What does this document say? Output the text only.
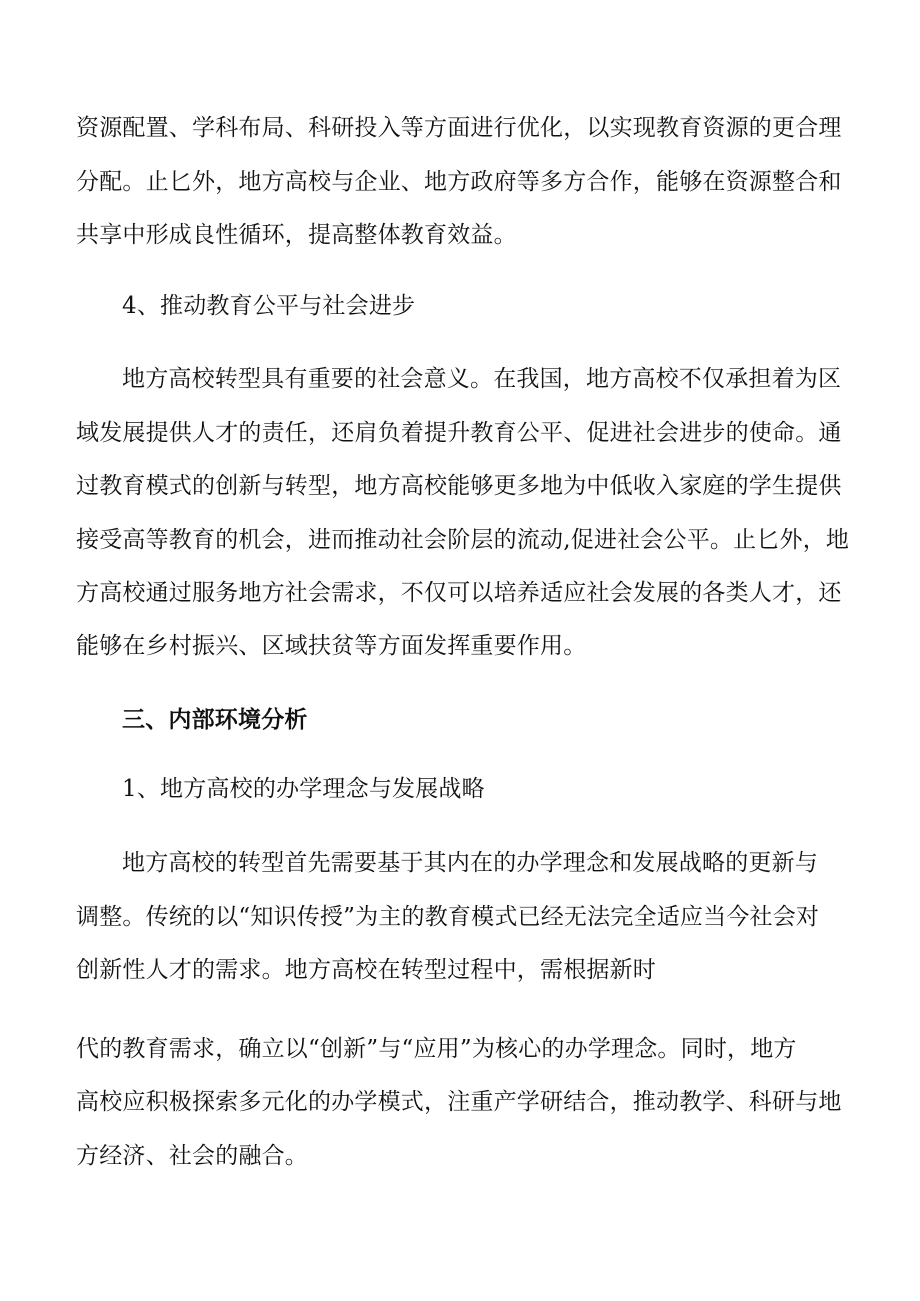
资源配置、学科布局、科研投入等方面进行优化，以实现教育资源的更合理
分配。止匕外，地方高校与企业、地方政府等多方合作，能够在资源整合和
共享中形成良性循环，提高整体教育效益。
4、推动教育公平与社会进步
地方高校转型具有重要的社会意义。在我国，地方高校不仅承担着为区
域发展提供人才的责任，还肩负着提升教育公平、促进社会进步的使命。通
过教育模式的创新与转型，地方高校能够更多地为中低收入家庭的学生提供
接受高等教育的机会，进而推动社会阶层的流动,促进社会公平。止匕外，地
方高校通过服务地方社会需求，不仅可以培养适应社会发展的各类人才，还
能够在乡村振兴、区域扶贫等方面发挥重要作用。
三、内部环境分析
1、地方高校的办学理念与发展战略
地方高校的转型首先需要基于其内在的办学理念和发展战略的更新与
调整。传统的以“知识传授”为主的教育模式已经无法完全适应当今社会对
创新性人才的需求。地方高校在转型过程中，需根据新时
代的教育需求，确立以“创新”与“应用”为核心的办学理念。同时，地方
高校应积极探索多元化的办学模式，注重产学研结合，推动教学、科研与地
方经济、社会的融合。
